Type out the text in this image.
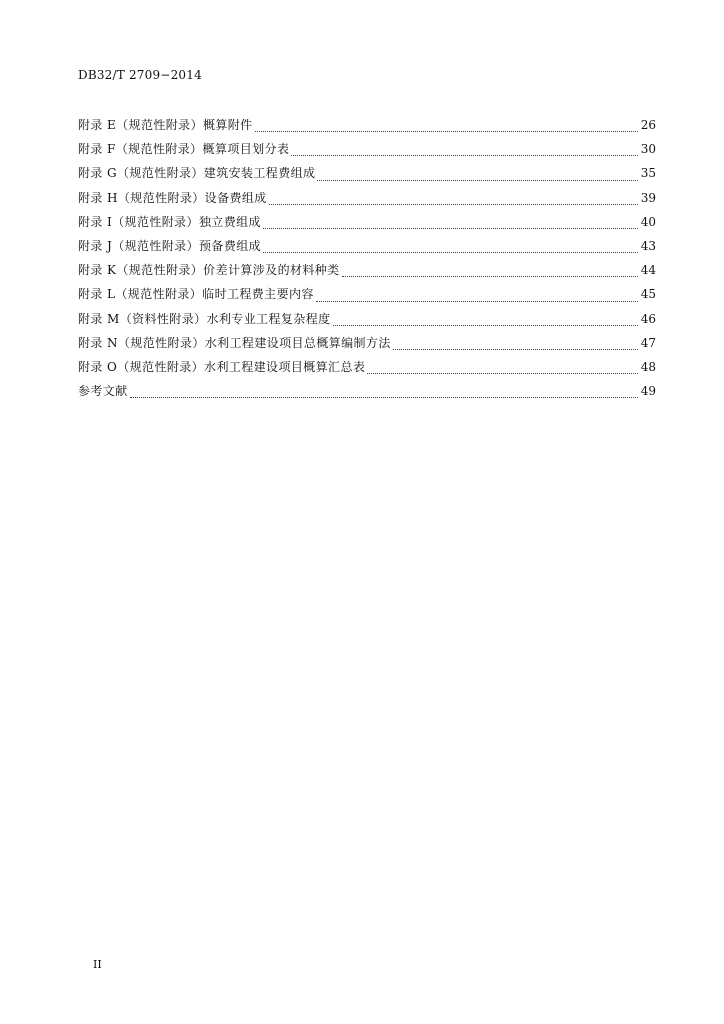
DB32/T 2709−2014
附录 E（规范性附录）概算附件	26
附录 F（规范性附录）概算项目划分表	30
附录 G（规范性附录）建筑安装工程费组成	35
附录 H（规范性附录）设备费组成	39
附录 I（规范性附录）独立费组成	40
附录 J（规范性附录）预备费组成	43
附录 K（规范性附录）价差计算涉及的材料种类	44
附录 L（规范性附录）临时工程费主要内容	45
附录 M（资料性附录）水利专业工程复杂程度	46
附录 N（规范性附录）水利工程建设项目总概算编制方法	47
附录 O（规范性附录）水利工程建设项目概算汇总表	48
参考文献	49
II
